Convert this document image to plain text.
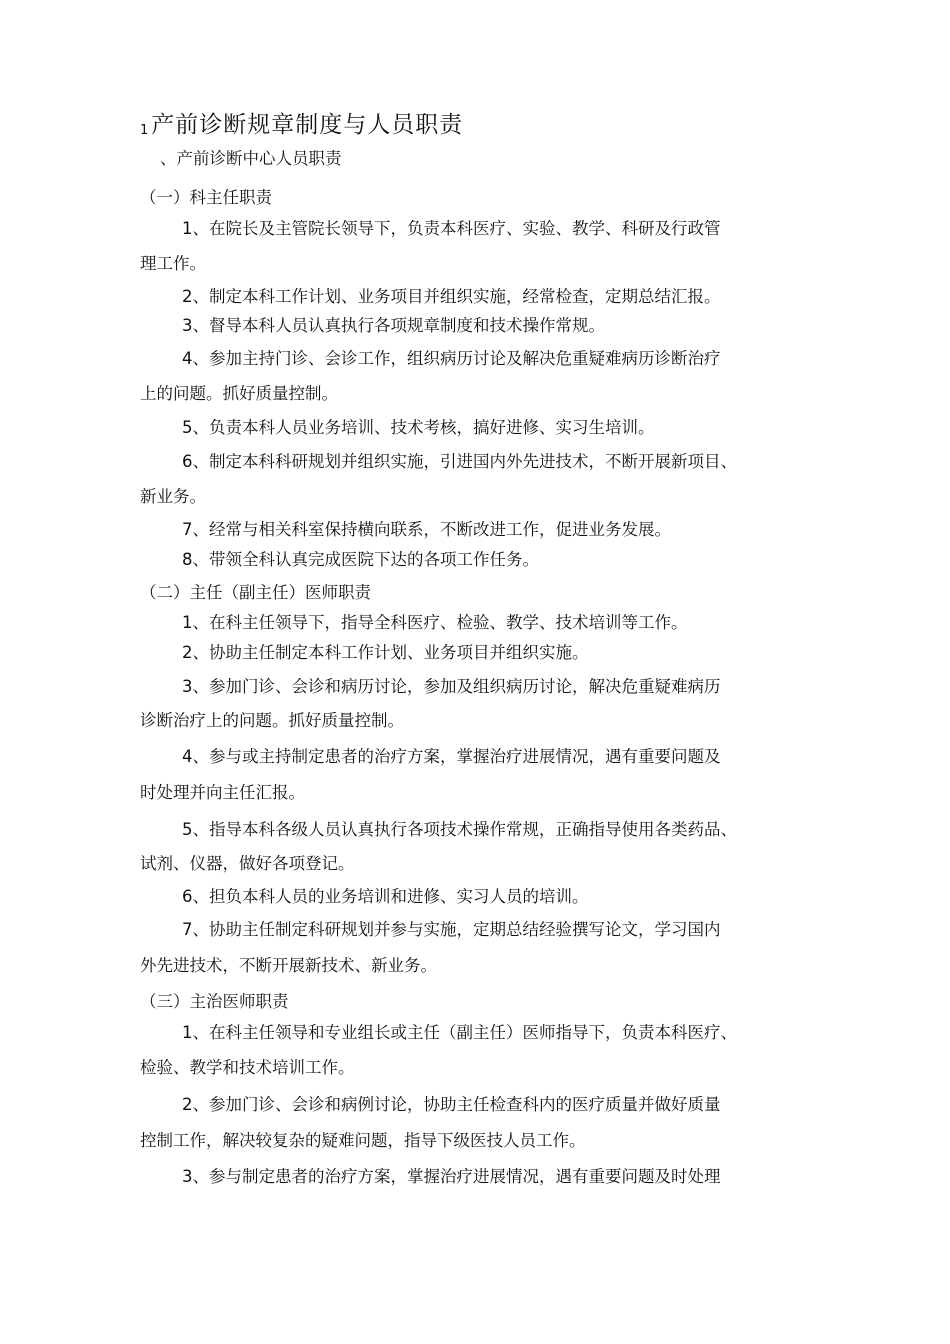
1产前诊断规章制度与人员职责
、产前诊断中心人员职责
（一）科主任职责
1、在院长及主管院长领导下，负责本科医疗、实验、教学、科研及行政管
理工作。
2、制定本科工作计划、业务项目并组织实施，经常检查，定期总结汇报。
3、督导本科人员认真执行各项规章制度和技术操作常规。
4、参加主持门诊、会诊工作，组织病历讨论及解决危重疑难病历诊断治疗
上的问题。抓好质量控制。
5、负责本科人员业务培训、技术考核，搞好进修、实习生培训。
6、制定本科科研规划并组织实施，引进国内外先进技术，不断开展新项目、
新业务。
7、经常与相关科室保持横向联系，不断改进工作，促进业务发展。
8、带领全科认真完成医院下达的各项工作任务。
（二）主任（副主任）医师职责
1、在科主任领导下，指导全科医疗、检验、教学、技术培训等工作。
2、协助主任制定本科工作计划、业务项目并组织实施。
3、参加门诊、会诊和病历讨论，参加及组织病历讨论，解决危重疑难病历
诊断治疗上的问题。抓好质量控制。
4、参与或主持制定患者的治疗方案，掌握治疗进展情况，遇有重要问题及
时处理并向主任汇报。
5、指导本科各级人员认真执行各项技术操作常规，正确指导使用各类药品、
试剂、仪器，做好各项登记。
6、担负本科人员的业务培训和进修、实习人员的培训。
7、协助主任制定科研规划并参与实施，定期总结经验撰写论文，学习国内
外先进技术，不断开展新技术、新业务。
（三）主治医师职责
1、在科主任领导和专业组长或主任（副主任）医师指导下，负责本科医疗、
检验、教学和技术培训工作。
2、参加门诊、会诊和病例讨论，协助主任检查科内的医疗质量并做好质量
控制工作，解决较复杂的疑难问题，指导下级医技人员工作。
3、参与制定患者的治疗方案，掌握治疗进展情况，遇有重要问题及时处理
